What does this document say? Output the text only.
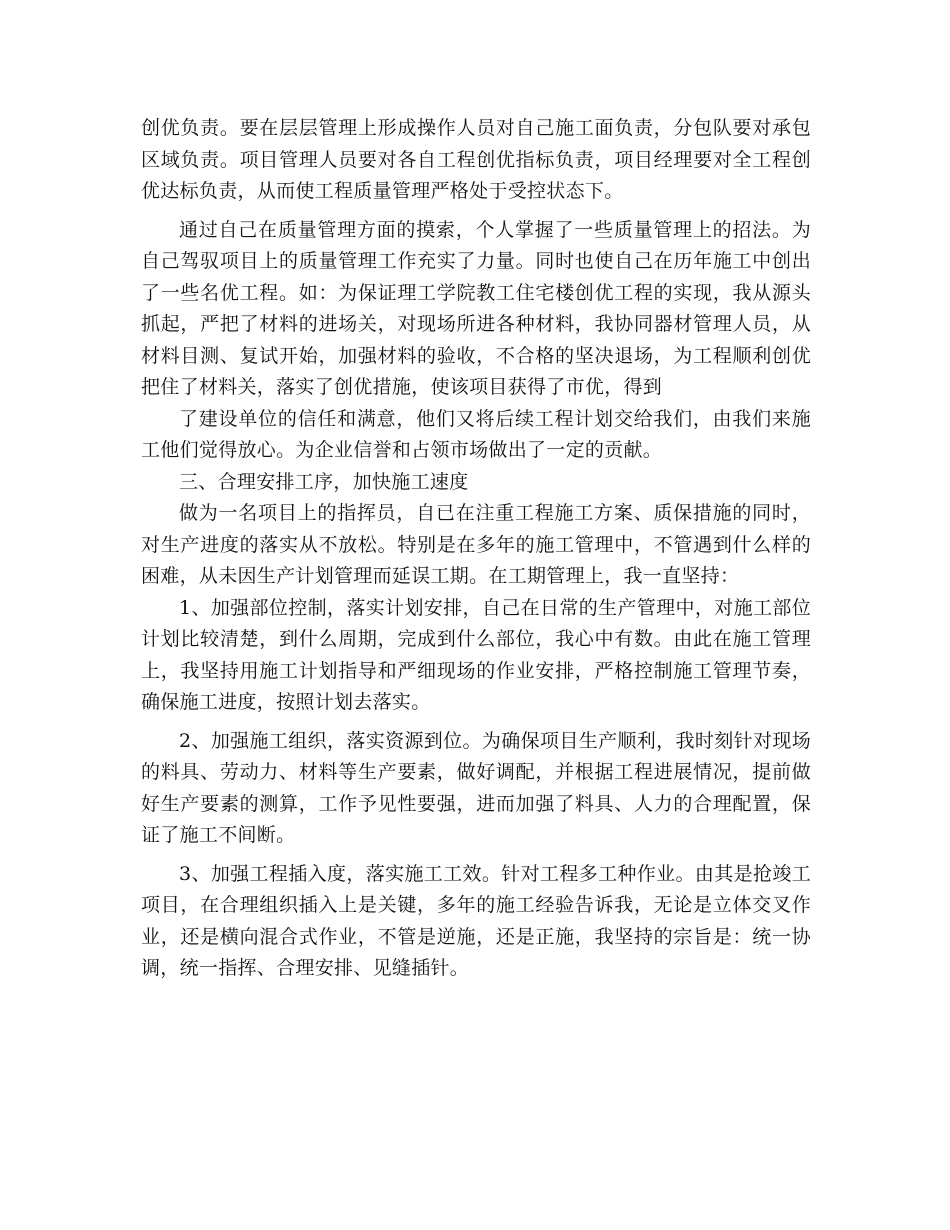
创优负责。要在层层管理上形成操作人员对自己施工面负责，分包队要对承包区域负责。项目管理人员要对各自工程创优指标负责，项目经理要对全工程创优达标负责，从而使工程质量管理严格处于受控状态下。

通过自己在质量管理方面的摸索，个人掌握了一些质量管理上的招法。为自己驾驭项目上的质量管理工作充实了力量。同时也使自己在历年施工中创出了一些名优工程。如：为保证理工学院教工住宅楼创优工程的实现，我从源头抓起，严把了材料的进场关，对现场所进各种材料，我协同器材管理人员，从材料目测、复试开始，加强材料的验收，不合格的坚决退场，为工程顺利创优把住了材料关，落实了创优措施，使该项目获得了市优，得到

了建设单位的信任和满意，他们又将后续工程计划交给我们，由我们来施工他们觉得放心。为企业信誉和占领市场做出了一定的贡献。

三、合理安排工序，加快施工速度

做为一名项目上的指挥员，自已在注重工程施工方案、质保措施的同时，对生产进度的落实从不放松。特别是在多年的施工管理中，不管遇到什么样的困难，从未因生产计划管理而延误工期。在工期管理上，我一直坚持：

1、加强部位控制，落实计划安排，自己在日常的生产管理中，对施工部位计划比较清楚，到什么周期，完成到什么部位，我心中有数。由此在施工管理上，我坚持用施工计划指导和严细现场的作业安排，严格控制施工管理节奏，确保施工进度，按照计划去落实。

2、加强施工组织，落实资源到位。为确保项目生产顺利，我时刻针对现场的料具、劳动力、材料等生产要素，做好调配，并根据工程进展情况，提前做好生产要素的测算，工作予见性要强，进而加强了料具、人力的合理配置，保证了施工不间断。

3、加强工程插入度，落实施工工效。针对工程多工种作业。由其是抢竣工项目，在合理组织插入上是关键，多年的施工经验告诉我，无论是立体交叉作业，还是横向混合式作业，不管是逆施，还是正施，我坚持的宗旨是：统一协调，统一指挥、合理安排、见缝插针。
